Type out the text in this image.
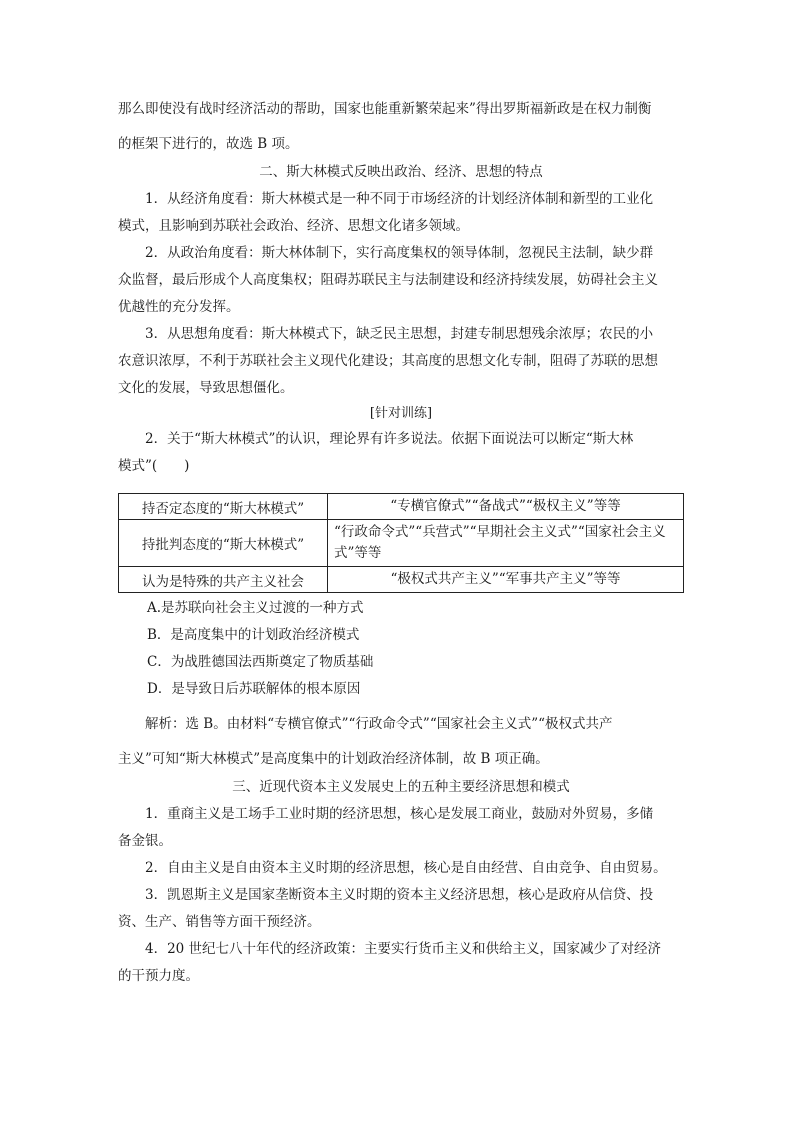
那么即使没有战时经济活动的帮助，国家也能重新繁荣起来”得出罗斯福新政是在权力制衡

的框架下进行的，故选 B 项。

二、斯大林模式反映出政治、经济、思想的特点

1．从经济角度看：斯大林模式是一种不同于市场经济的计划经济体制和新型的工业化

模式，且影响到苏联社会政治、经济、思想文化诸多领域。

2．从政治角度看：斯大林体制下，实行高度集权的领导体制，忽视民主法制，缺少群

众监督，最后形成个人高度集权；阻碍苏联民主与法制建设和经济持续发展，妨碍社会主义

优越性的充分发挥。

3．从思想角度看：斯大林模式下，缺乏民主思想，封建专制思想残余浓厚；农民的小

农意识浓厚，不利于苏联社会主义现代化建设；其高度的思想文化专制，阻碍了苏联的思想

文化的发展，导致思想僵化。

[针对训练]

2．关于“斯大林模式”的认识，理论界有许多说法。依据下面说法可以断定“斯大林

模式”(　　)

持否定态度的“斯大林模式”	“专横官僚式”“备战式”“极权主义”等等
持批判态度的“斯大林模式”	“行政命令式”“兵营式”“早期社会主义式”“国家社会主义式”等等
认为是特殊的共产主义社会	“极权式共产主义”“军事共产主义”等等

A.是苏联向社会主义过渡的一种方式

B．是高度集中的计划政治经济模式

C．为战胜德国法西斯奠定了物质基础

D．是导致日后苏联解体的根本原因

解析：选 B。由材料“专横官僚式”“行政命令式”“国家社会主义式”“极权式共产

主义”可知“斯大林模式”是高度集中的计划政治经济体制，故 B 项正确。

三、近现代资本主义发展史上的五种主要经济思想和模式

1．重商主义是工场手工业时期的经济思想，核心是发展工商业，鼓励对外贸易，多储

备金银。

2．自由主义是自由资本主义时期的经济思想，核心是自由经营、自由竞争、自由贸易。

3．凯恩斯主义是国家垄断资本主义时期的资本主义经济思想，核心是政府从信贷、投

资、生产、销售等方面干预经济。

4．20 世纪七八十年代的经济政策：主要实行货币主义和供给主义，国家减少了对经济

的干预力度。
